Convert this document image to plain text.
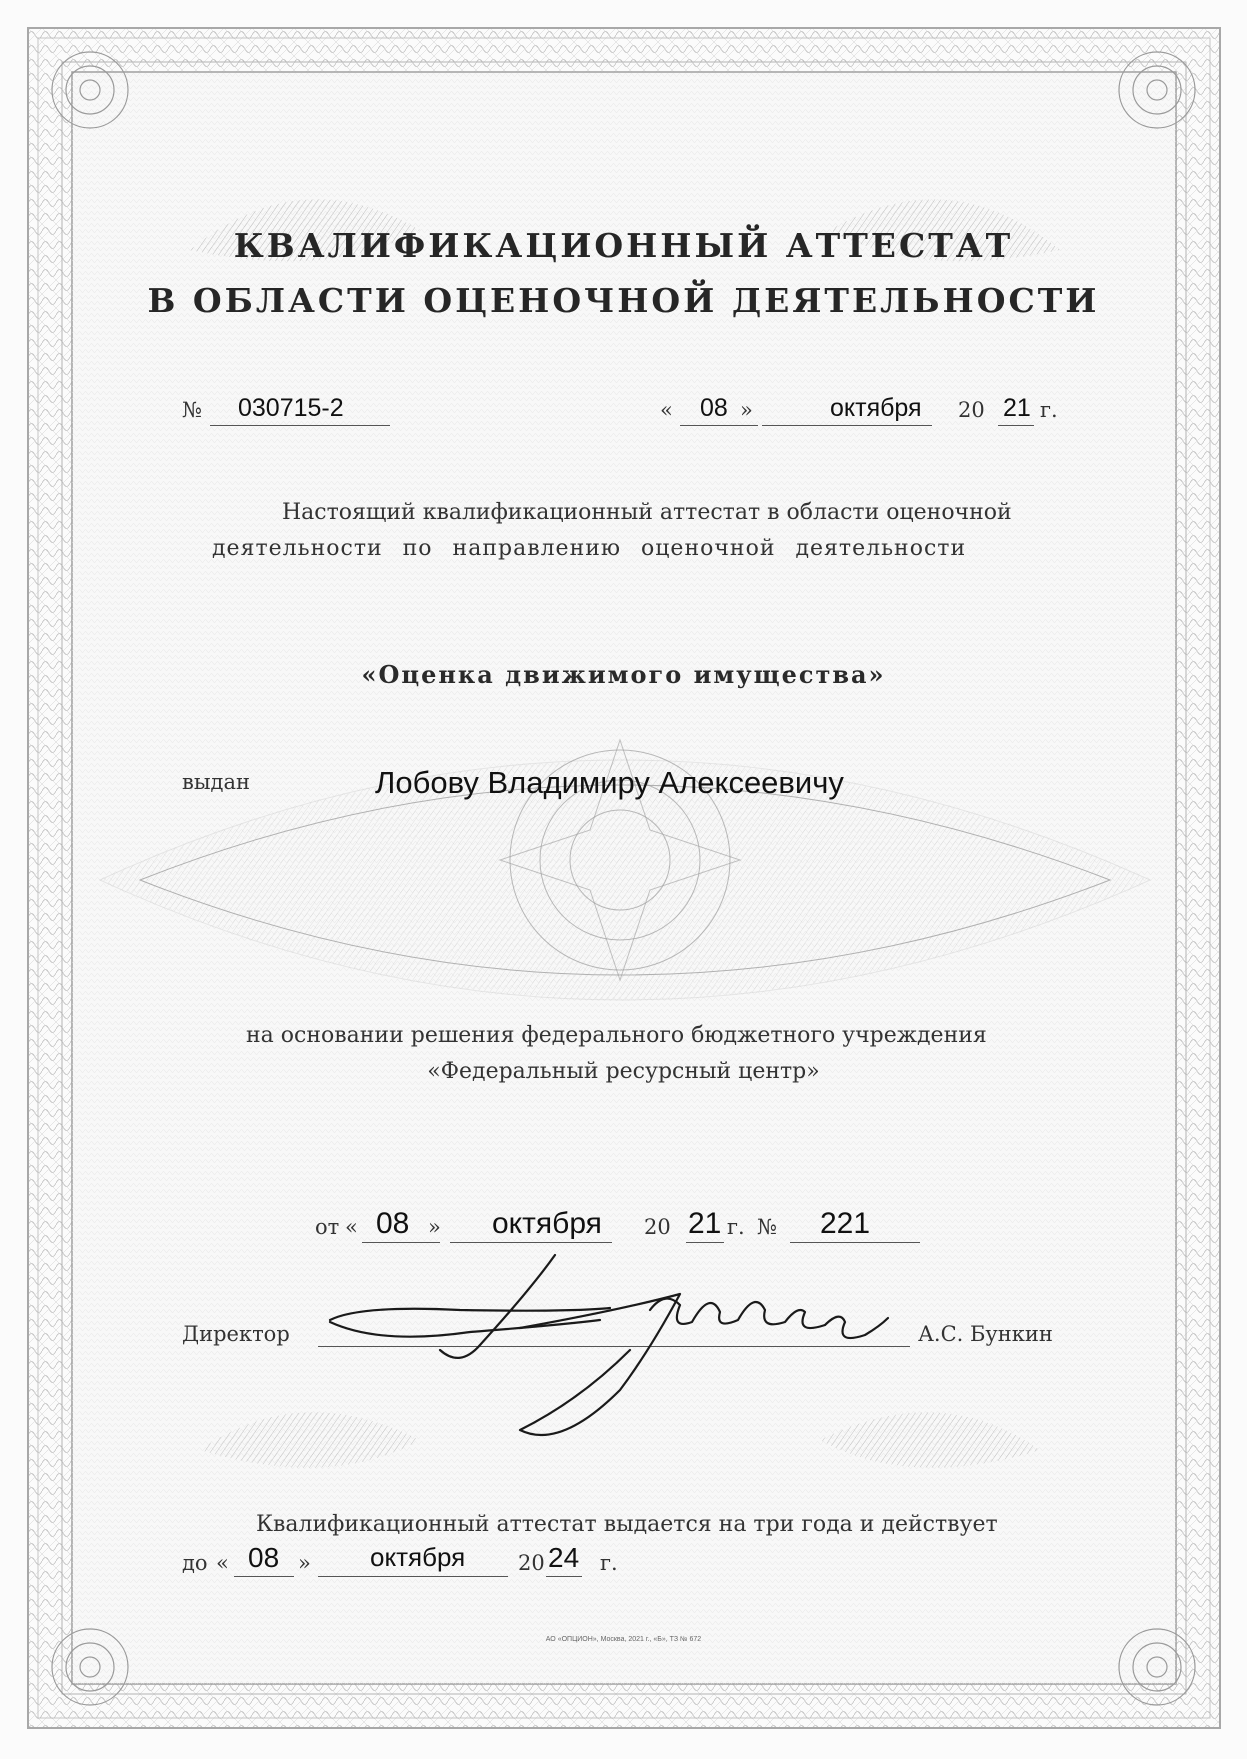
КВАЛИФИКАЦИОННЫЙ АТТЕСТАТ
В ОБЛАСТИ ОЦЕНОЧНОЙ ДЕЯТЕЛЬНОСТИ
№ 030715-2	« 08 »	октября 20 21 г.
Настоящий квалификационный аттестат в области оценочной
деятельности по направлению оценочной деятельности
«Оценка движимого имущества»
выдан	Лобову Владимиру Алексеевичу
на основании решения федерального бюджетного учреждения
«Федеральный ресурсный центр»
от « 08 » октября 20 21 г. № 221
Директор	А.С. Бункин
Квалификационный аттестат выдается на три года и действует
до « 08 » октября	20 24 г.
АО «ОПЦИОН», Москва, 2021 г., «Б», ТЗ № 672
